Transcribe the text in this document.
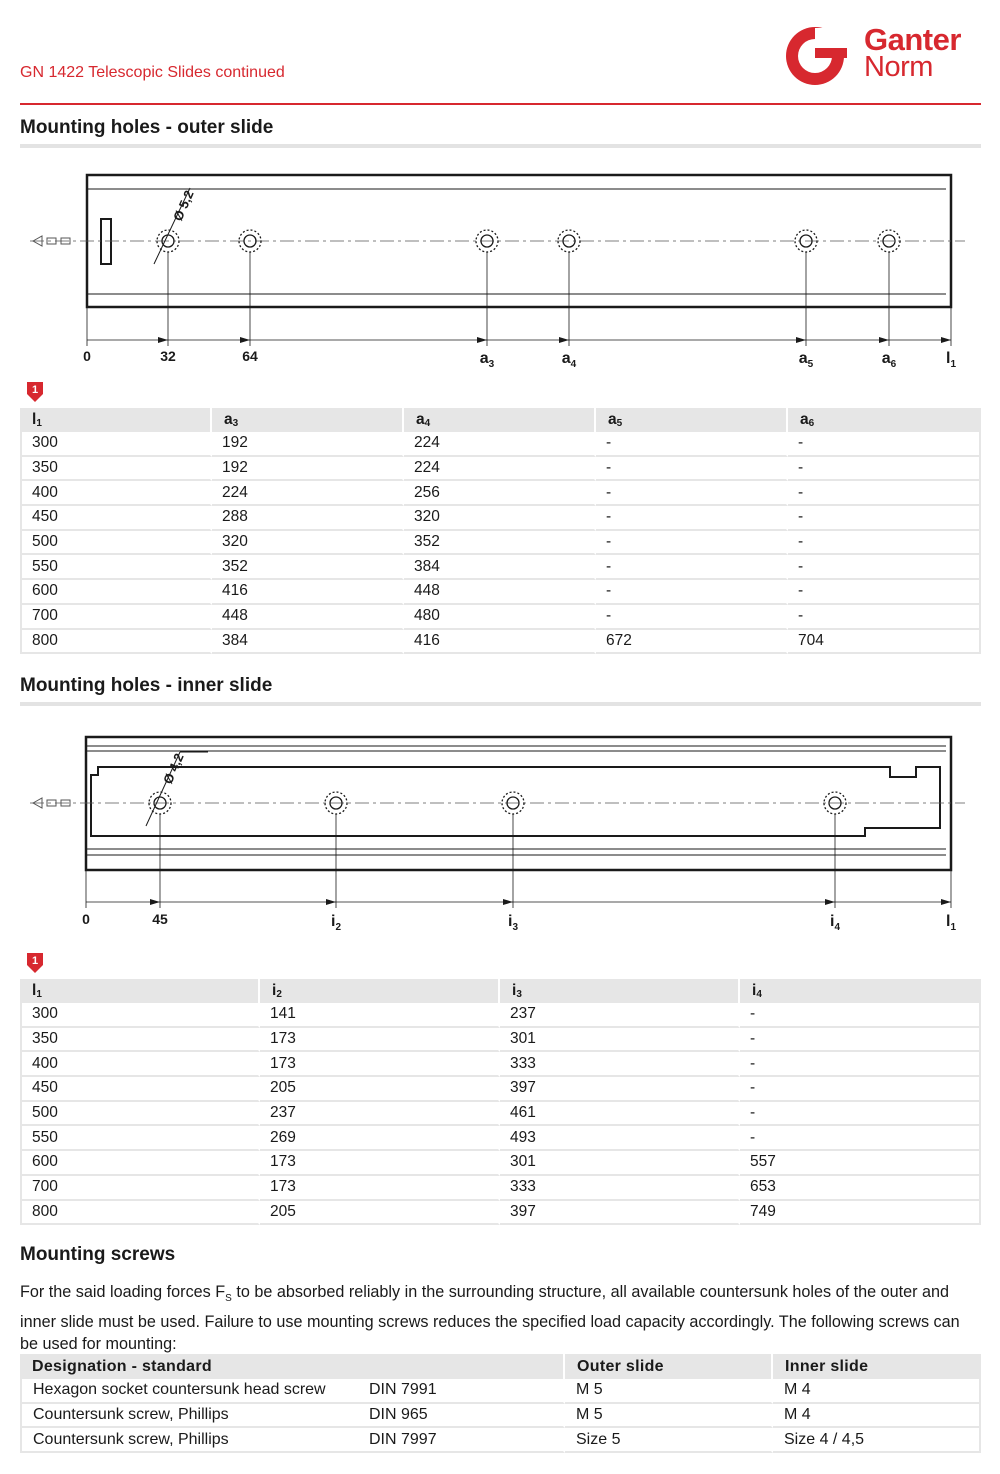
GN 1422 Telescopic Slides continued
Ganter
Norm
Mounting holes - outer slide
Ø 5,2
0	32	64	$a_3$	$a_4$	$a_5$	$a_6$	$l_1$
1
$l_1$	$a_3$	$a_4$	$a_5$	$a_6$
300	192	224	-	-
350	192	224	-	-
400	224	256	-	-
450	288	320	-	-
500	320	352	-	-
550	352	384	-	-
600	416	448	-	-
700	448	480	-	-
800	384	416	672	704
Mounting holes - inner slide
Ø 4,2
0	45	$i_2$	$i_3$	$i_4$	$l_1$
1
$l_1$	$i_2$	$i_3$	$i_4$
300	141	237	-
350	173	301	-
400	173	333	-
450	205	397	-
500	237	461	-
550	269	493	-
600	173	301	557
700	173	333	653
800	205	397	749
Mounting screws
For the said loading forces $F_S$ to be absorbed reliably in the surrounding structure, all available countersunk holes of the outer and inner slide must be used. Failure to use mounting screws reduces the specified load capacity accordingly. The following screws can be used for mounting:
Designation - standard	Outer slide	Inner slide
Hexagon socket countersunk head screw DIN 7991	M 5	M 4
Countersunk screw, Phillips DIN 965	M 5	M 4
Countersunk screw, Phillips DIN 7997	Size 5	Size 4 / 4,5
